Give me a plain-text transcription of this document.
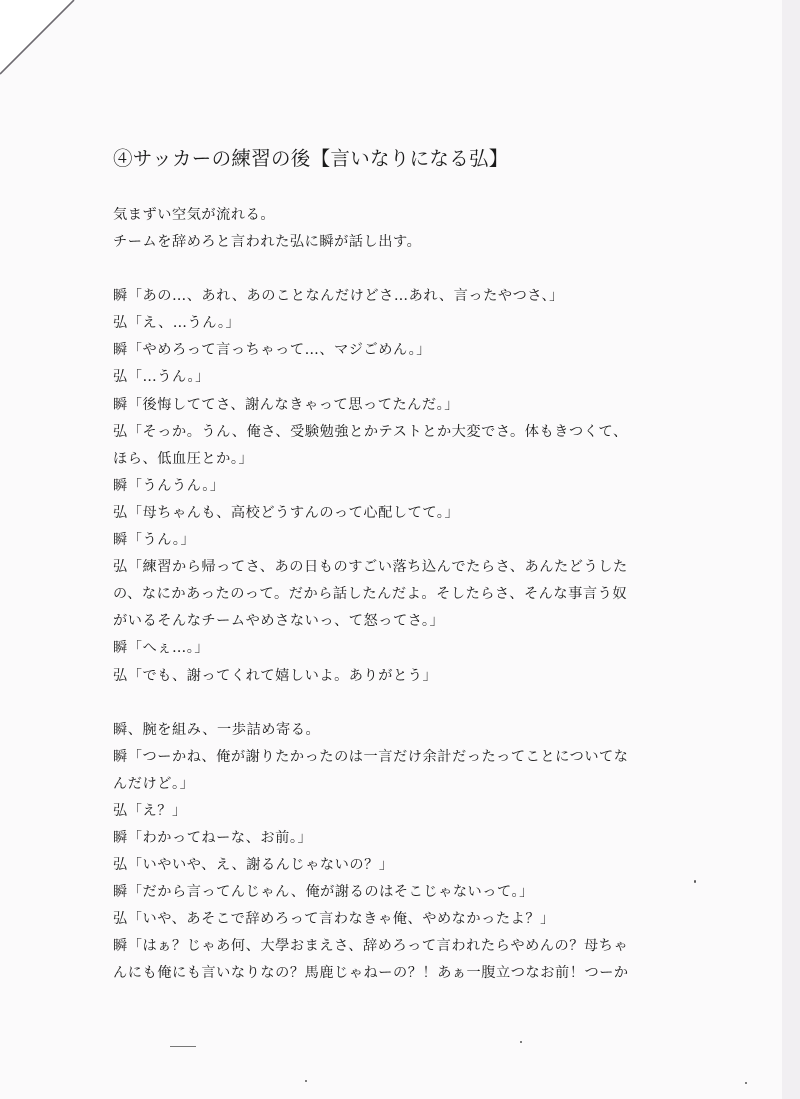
④サッカーの練習の後【言いなりになる弘】
気まずい空気が流れる。
チームを辞めろと言われた弘に瞬が話し出す。
瞬「あの…、あれ、あのことなんだけどさ…あれ、言ったやつさ、」
弘「え、…うん。」
瞬「やめろって言っちゃって…、マジごめん。」
弘「…うん。」
瞬「後悔しててさ、謝んなきゃって思ってたんだ。」
弘「そっか。うん、俺さ、受験勉強とかテストとか大変でさ。体もきつくて、
ほら、低血圧とか。」
瞬「うんうん。」
弘「母ちゃんも、高校どうすんのって心配してて。」
瞬「うん。」
弘「練習から帰ってさ、あの日ものすごい落ち込んでたらさ、あんたどうした
の、なにかあったのって。だから話したんだよ。そしたらさ、そんな事言う奴
がいるそんなチームやめさないっ、て怒ってさ。」
瞬「へぇ…。」
弘「でも、謝ってくれて嬉しいよ。ありがとう」
瞬、腕を組み、一歩詰め寄る。
瞬「つーかね、俺が謝りたかったのは一言だけ余計だったってことについてな
んだけど。」
弘「え？」
瞬「わかってねーな、お前。」
弘「いやいや、え、謝るんじゃないの？」
瞬「だから言ってんじゃん、俺が謝るのはそこじゃないって。」
弘「いや、あそこで辞めろって言わなきゃ俺、やめなかったよ？」
瞬「はぁ？じゃあ何、大學おまえさ、辞めろって言われたらやめんの？母ちゃ
んにも俺にも言いなりなの？馬鹿じゃねーの？！あぁ一腹立つなお前！つーか
